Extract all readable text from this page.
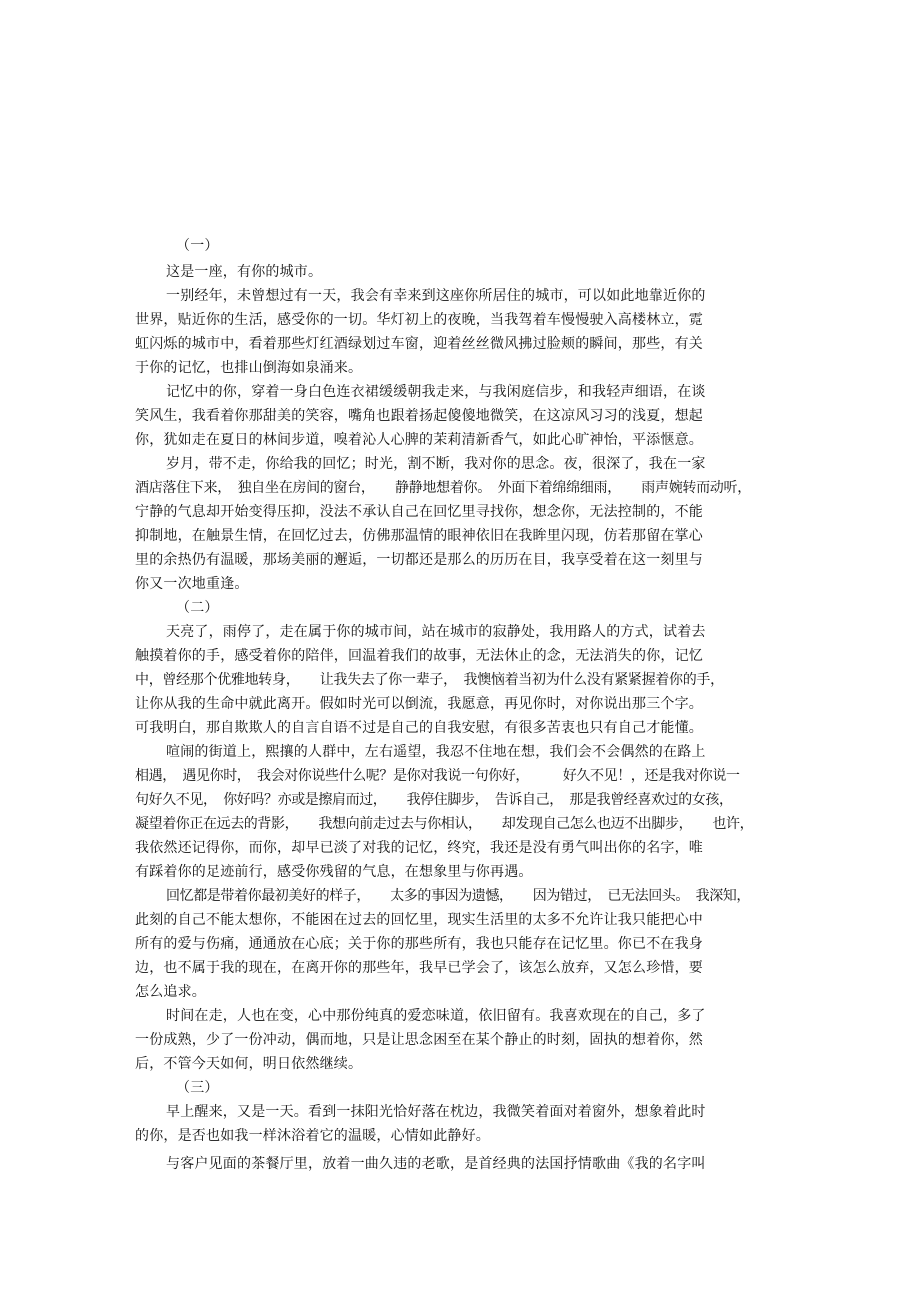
（一）
这是一座，有你的城市。
一别经年，未曾想过有一天，我会有幸来到这座你所居住的城市，可以如此地靠近你的
世界，贴近你的生活，感受你的一切。华灯初上的夜晚，当我驾着车慢慢驶入高楼林立，霓
虹闪烁的城市中，看着那些灯红酒绿划过车窗，迎着丝丝微风拂过脸颊的瞬间，那些，有关
于你的记忆，也排山倒海如泉涌来。
记忆中的你，穿着一身白色连衣裙缓缓朝我走来，与我闲庭信步，和我轻声细语，在谈
笑风生，我看着你那甜美的笑容，嘴角也跟着扬起傻傻地微笑，在这凉风习习的浅夏，想起
你，犹如走在夏日的林间步道，嗅着沁人心脾的茉莉清新香气，如此心旷神怡，平添惬意。
岁月，带不走，你给我的回忆；时光，割不断，我对你的思念。夜，很深了，我在一家
酒店落住下来，　独自坐在房间的窗台，　　静静地想着你。　外面下着绵绵细雨，　　雨声婉转而动听，
宁静的气息却开始变得压抑，没法不承认自己在回忆里寻找你，想念你，无法控制的，不能
抑制地，在触景生情，在回忆过去，仿佛那温情的眼神依旧在我眸里闪现，仿若那留在掌心
里的余热仍有温暖，那场美丽的邂逅，一切都还是那么的历历在目，我享受着在这一刻里与
你又一次地重逢。
（二）
天亮了，雨停了，走在属于你的城市间，站在城市的寂静处，我用路人的方式，试着去
触摸着你的手，感受着你的陪伴，回温着我们的故事，无法休止的念，无法消失的你，记忆
中，曾经那个优雅地转身，　　让我失去了你一辈子，　我懊恼着当初为什么没有紧紧握着你的手，
让你从我的生命中就此离开。假如时光可以倒流，我愿意，再见你时，对你说出那三个字。
可我明白，那自欺欺人的自言自语不过是自己的自我安慰，有很多苦衷也只有自己才能懂。
喧闹的街道上，熙攘的人群中，左右遥望，我忍不住地在想，我们会不会偶然的在路上
相遇，　遇见你时，　我会对你说些什么呢？是你对我说一句你好，　　　好久不见！，还是我对你说一
句好久不见，　你好吗？亦或是擦肩而过，　　我停住脚步，　告诉自己，　那是我曾经喜欢过的女孩，
凝望着你正在远去的背影，　　我想向前走过去与你相认，　　却发现自己怎么也迈不出脚步，　　也许，
我依然还记得你，而你，却早已淡了对我的记忆，终究，我还是没有勇气叫出你的名字，唯
有踩着你的足迹前行，感受你残留的气息，在想象里与你再遇。
回忆都是带着你最初美好的样子，　　太多的事因为遗憾，　　因为错过，　已无法回头。　我深知，
此刻的自己不能太想你，不能困在过去的回忆里，现实生活里的太多不允许让我只能把心中
所有的爱与伤痛，通通放在心底；关于你的那些所有，我也只能存在记忆里。你已不在我身
边，也不属于我的现在，在离开你的那些年，我早已学会了，该怎么放弃，又怎么珍惜，要
怎么追求。
时间在走，人也在变，心中那份纯真的爱恋味道，依旧留有。我喜欢现在的自己，多了
一份成熟，少了一份冲动，偶而地，只是让思念困至在某个静止的时刻，固执的想着你，然
后，不管今天如何，明日依然继续。
（三）
早上醒来，又是一天。看到一抹阳光恰好落在枕边，我微笑着面对着窗外，想象着此时
的你，是否也如我一样沐浴着它的温暖，心情如此静好。
与客户见面的茶餐厅里，放着一曲久违的老歌，是首经典的法国抒情歌曲《我的名字叫
